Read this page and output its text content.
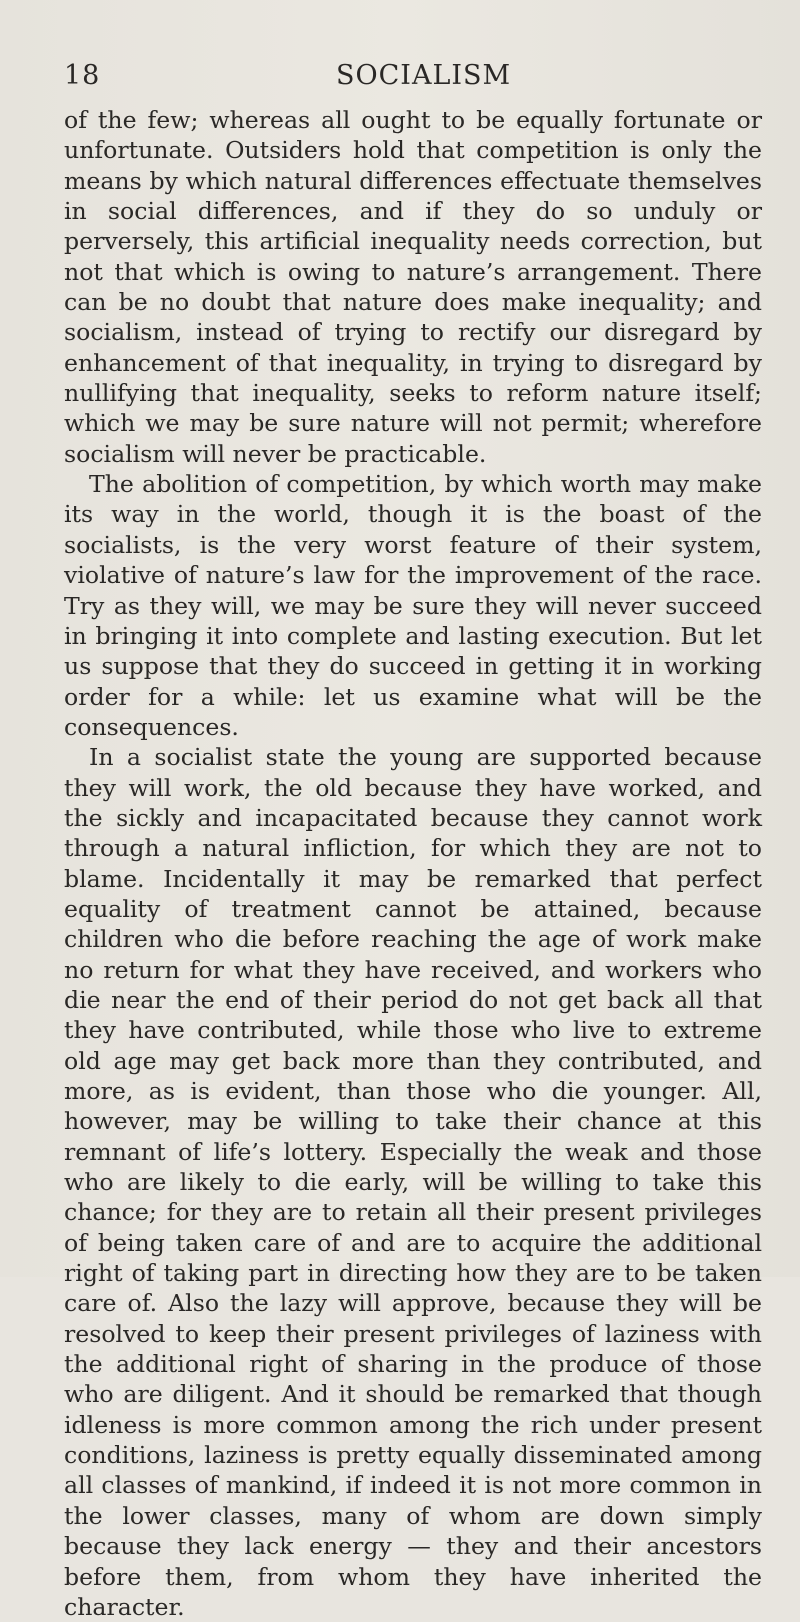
18	SOCIALISM

of the few; whereas all ought to be equally fortunate or unfortunate. Outsiders hold that competition is only the means by which natural differences effectuate themselves in social differences, and if they do so unduly or perversely, this artificial inequality needs correction, but not that which is owing to nature’s arrangement. There can be no doubt that nature does make inequality; and socialism, instead of trying to rectify our disregard by enhancement of that inequality, in trying to disregard by nullifying that inequality, seeks to reform nature itself; which we may be sure nature will not permit; wherefore socialism will never be practicable.

The abolition of competition, by which worth may make its way in the world, though it is the boast of the socialists, is the very worst feature of their system, violative of nature’s law for the improvement of the race. Try as they will, we may be sure they will never succeed in bringing it into complete and lasting execution. But let us suppose that they do succeed in getting it in working order for a while: let us examine what will be the consequences.

In a socialist state the young are supported because they will work, the old because they have worked, and the sickly and incapacitated because they cannot work through a natural infliction, for which they are not to blame. Incidentally it may be remarked that perfect equality of treatment cannot be attained, because children who die before reaching the age of work make no return for what they have received, and workers who die near the end of their period do not get back all that they have contributed, while those who live to extreme old age may get back more than they contributed, and more, as is evident, than those who die younger. All, however, may be willing to take their chance at this remnant of life’s lottery. Especially the weak and those who are likely to die early, will be willing to take this chance; for they are to retain all their present privileges of being taken care of and are to acquire the additional right of taking part in directing how they are to be taken care of. Also the lazy will approve, because they will be resolved to keep their present privileges of laziness with the additional right of sharing in the produce of those who are diligent. And it should be remarked that though idleness is more common among the rich under present conditions, laziness is pretty equally disseminated among all classes of mankind, if indeed it is not more common in the lower classes, many of whom are down simply because they lack energy — they and their ancestors before them, from whom they have inherited the character.
